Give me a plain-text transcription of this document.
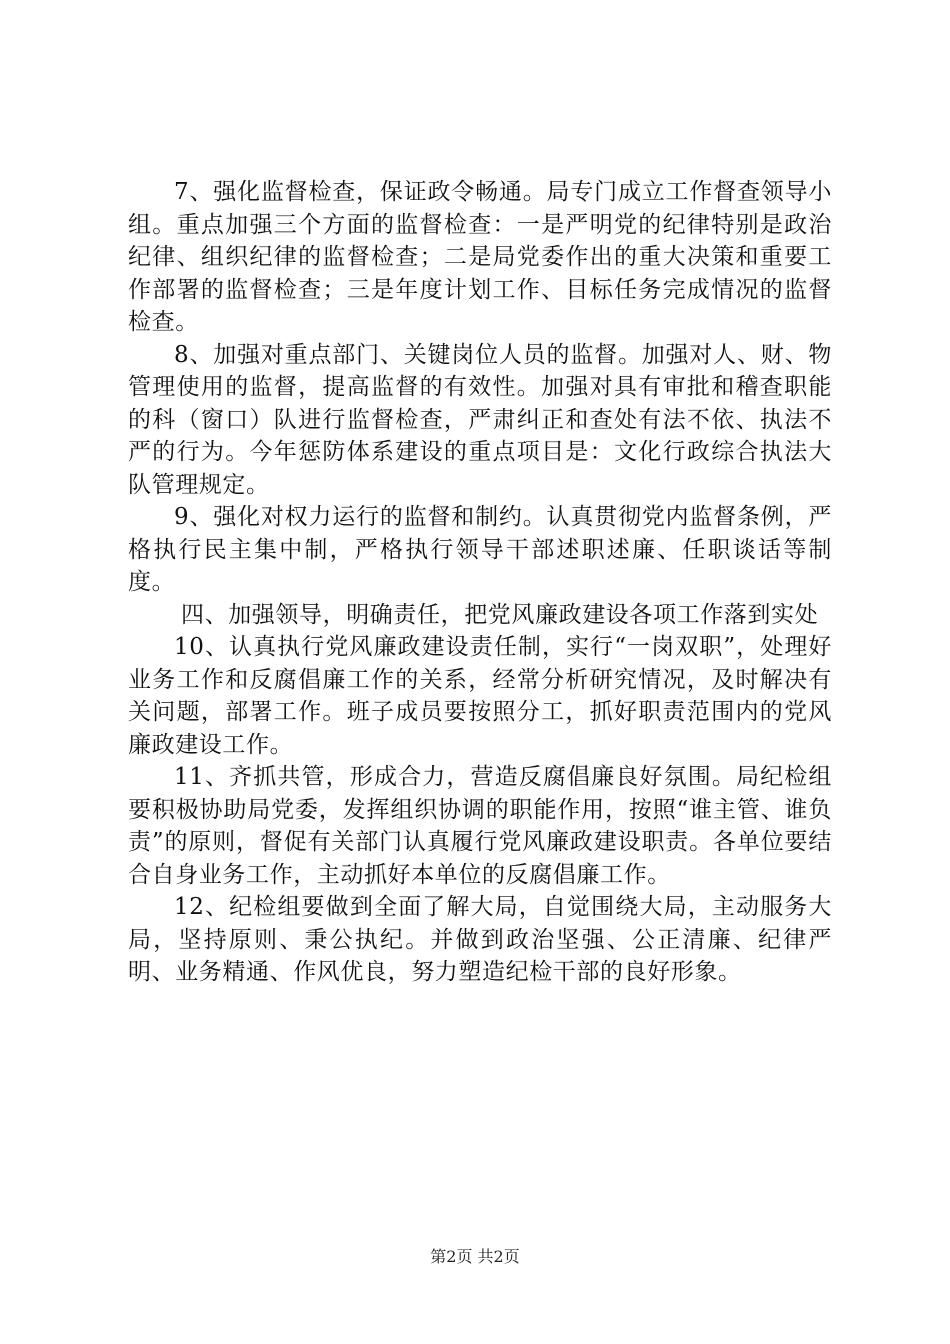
7、强化监督检查，保证政令畅通。局专门成立工作督查领导小组。重点加强三个方面的监督检查：一是严明党的纪律特别是政治纪律、组织纪律的监督检查；二是局党委作出的重大决策和重要工作部署的监督检查；三是年度计划工作、目标任务完成情况的监督检查。

8、加强对重点部门、关键岗位人员的监督。加强对人、财、物管理使用的监督，提高监督的有效性。加强对具有审批和稽查职能的科（窗口）队进行监督检查，严肃纠正和查处有法不依、执法不严的行为。今年惩防体系建设的重点项目是：文化行政综合执法大队管理规定。

9、强化对权力运行的监督和制约。认真贯彻党内监督条例，严格执行民主集中制，严格执行领导干部述职述廉、任职谈话等制度。

四、加强领导，明确责任，把党风廉政建设各项工作落到实处

10、认真执行党风廉政建设责任制，实行“一岗双职”，处理好业务工作和反腐倡廉工作的关系，经常分析研究情况，及时解决有关问题，部署工作。班子成员要按照分工，抓好职责范围内的党风廉政建设工作。

11、齐抓共管，形成合力，营造反腐倡廉良好氛围。局纪检组要积极协助局党委，发挥组织协调的职能作用，按照“谁主管、谁负责”的原则，督促有关部门认真履行党风廉政建设职责。各单位要结合自身业务工作，主动抓好本单位的反腐倡廉工作。

12、纪检组要做到全面了解大局，自觉围绕大局，主动服务大局，坚持原则、秉公执纪。并做到政治坚强、公正清廉、纪律严明、业务精通、作风优良，努力塑造纪检干部的良好形象。

第2页 共2页
